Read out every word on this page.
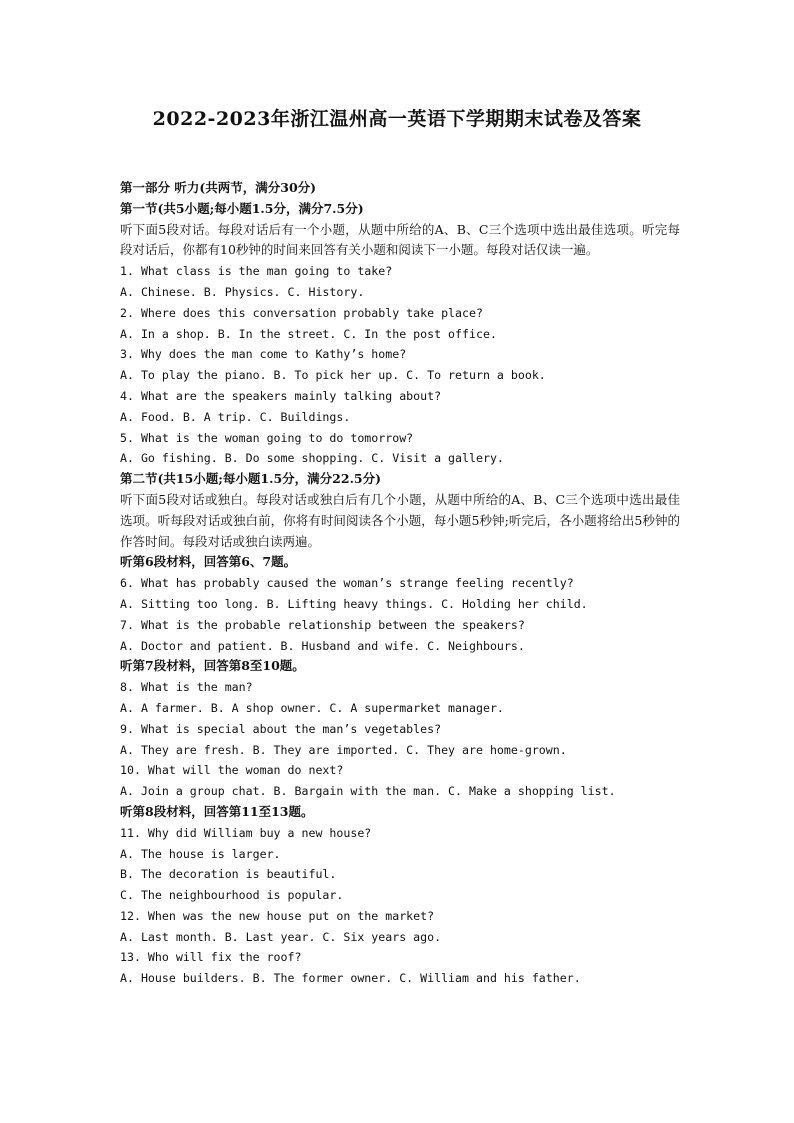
2022-2023年浙江温州高一英语下学期期末试卷及答案
第一部分 听力(共两节，满分30分)
第一节(共5小题;每小题1.5分，满分7.5分)
听下面5段对话。每段对话后有一个小题，从题中所给的A、B、C三个选项中选出最佳选项。听完每段对话后，你都有10秒钟的时间来回答有关小题和阅读下一小题。每段对话仅读一遍。
1. What class is the man going to take?
A. Chinese. B. Physics. C. History.
2. Where does this conversation probably take place?
A. In a shop. B. In the street. C. In the post office.
3. Why does the man come to Kathy’s home?
A. To play the piano. B. To pick her up. C. To return a book.
4. What are the speakers mainly talking about?
A. Food. B. A trip. C. Buildings.
5. What is the woman going to do tomorrow?
A. Go fishing. B. Do some shopping. C. Visit a gallery.
第二节(共15小题;每小题1.5分，满分22.5分)
听下面5段对话或独白。每段对话或独白后有几个小题，从题中所给的A、B、C三个选项中选出最佳选项。听每段对话或独白前，你将有时间阅读各个小题，每小题5秒钟;听完后，各小题将给出5秒钟的作答时间。每段对话或独白读两遍。
听第6段材料，回答第6、7题。
6. What has probably caused the woman’s strange feeling recently?
A. Sitting too long. B. Lifting heavy things. C. Holding her child.
7. What is the probable relationship between the speakers?
A. Doctor and patient. B. Husband and wife. C. Neighbours.
听第7段材料，回答第8至10题。
8. What is the man?
A. A farmer. B. A shop owner. C. A supermarket manager.
9. What is special about the man’s vegetables?
A. They are fresh. B. They are imported. C. They are home-grown.
10. What will the woman do next?
A. Join a group chat. B. Bargain with the man. C. Make a shopping list.
听第8段材料，回答第11至13题。
11. Why did William buy a new house?
A. The house is larger.
B. The decoration is beautiful.
C. The neighbourhood is popular.
12. When was the new house put on the market?
A. Last month. B. Last year. C. Six years ago.
13. Who will fix the roof?
A. House builders. B. The former owner. C. William and his father.
